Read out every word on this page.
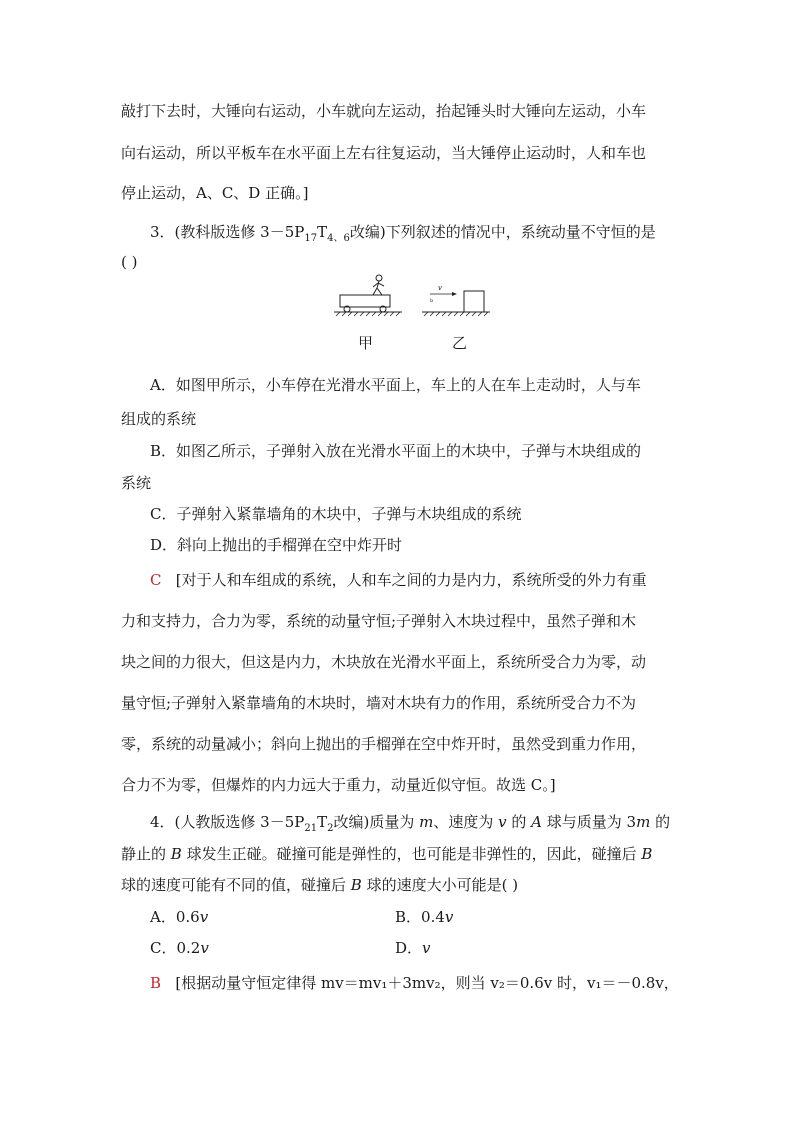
敲打下去时，大锤向右运动，小车就向左运动，抬起锤头时大锤向左运动，小车
向右运动，所以平板车在水平面上左右往复运动，当大锤停止运动时，人和车也
停止运动，A、C、D 正确。]
3．(教科版选修 $3-5P_{17}T_{4、6}$改编)下列叙述的情况中，系统动量不守恒的是
( )
v
b
甲	乙
A．如图甲所示，小车停在光滑水平面上，车上的人在车上走动时，人与车
组成的系统
B．如图乙所示，子弹射入放在光滑水平面上的木块中，子弹与木块组成的
系统
C．子弹射入紧靠墙角的木块中，子弹与木块组成的系统
D．斜向上抛出的手榴弹在空中炸开时
C [对于人和车组成的系统，人和车之间的力是内力，系统所受的外力有重
力和支持力，合力为零，系统的动量守恒;子弹射入木块过程中，虽然子弹和木
块之间的力很大，但这是内力，木块放在光滑水平面上，系统所受合力为零，动
量守恒;子弹射入紧靠墙角的木块时，墙对木块有力的作用，系统所受合力不为
零，系统的动量减小；斜向上抛出的手榴弹在空中炸开时，虽然受到重力作用，
合力不为零，但爆炸的内力远大于重力，动量近似守恒。故选 C。]
4．(人教版选修 $3-5P_{21}T_2$改编)质量为 m、速度为 v 的 A 球与质量为 3m 的
静止的 B 球发生正碰。碰撞可能是弹性的，也可能是非弹性的，因此，碰撞后 B
球的速度可能有不同的值，碰撞后 B 球的速度大小可能是( )
A．0.6v	B．0.4v
C．0.2v	D．v
B [根据动量守恒定律得 mv＝mv₁＋3mv₂，则当 v₂＝0.6v 时，v₁＝－0.8v，
